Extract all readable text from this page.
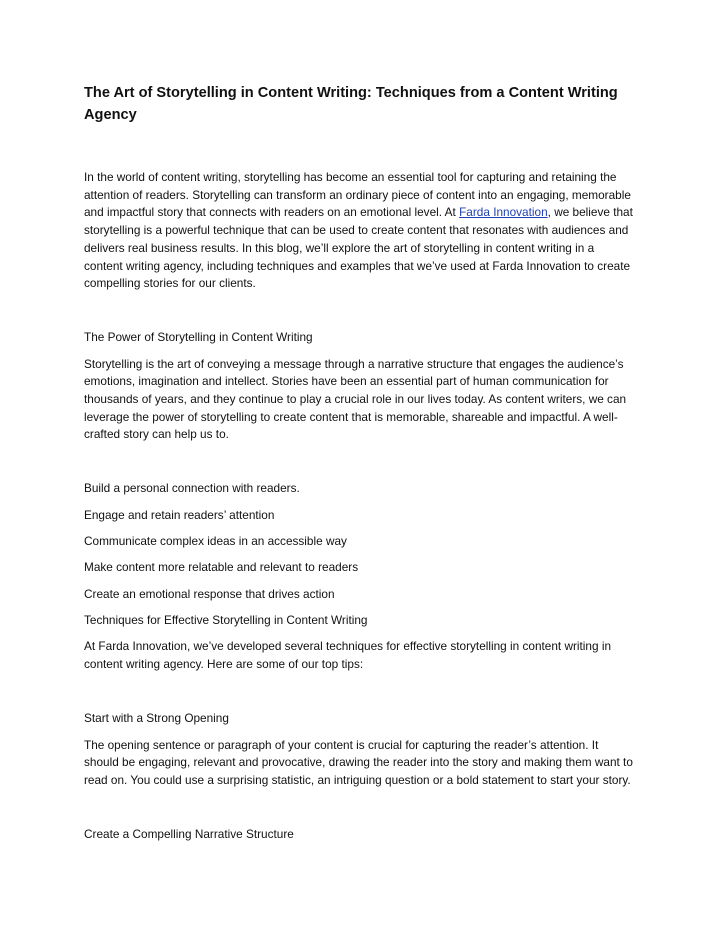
The Art of Storytelling in Content Writing: Techniques from a Content Writing Agency

In the world of content writing, storytelling has become an essential tool for capturing and retaining the attention of readers. Storytelling can transform an ordinary piece of content into an engaging, memorable and impactful story that connects with readers on an emotional level. At Farda Innovation, we believe that storytelling is a powerful technique that can be used to create content that resonates with audiences and delivers real business results. In this blog, we’ll explore the art of storytelling in content writing in a content writing agency, including techniques and examples that we’ve used at Farda Innovation to create compelling stories for our clients.

The Power of Storytelling in Content Writing

Storytelling is the art of conveying a message through a narrative structure that engages the audience’s emotions, imagination and intellect. Stories have been an essential part of human communication for thousands of years, and they continue to play a crucial role in our lives today. As content writers, we can leverage the power of storytelling to create content that is memorable, shareable and impactful. A well-crafted story can help us to.

Build a personal connection with readers.

Engage and retain readers’ attention

Communicate complex ideas in an accessible way

Make content more relatable and relevant to readers

Create an emotional response that drives action

Techniques for Effective Storytelling in Content Writing

At Farda Innovation, we’ve developed several techniques for effective storytelling in content writing in content writing agency. Here are some of our top tips:

Start with a Strong Opening

The opening sentence or paragraph of your content is crucial for capturing the reader’s attention. It should be engaging, relevant and provocative, drawing the reader into the story and making them want to read on. You could use a surprising statistic, an intriguing question or a bold statement to start your story.

Create a Compelling Narrative Structure
